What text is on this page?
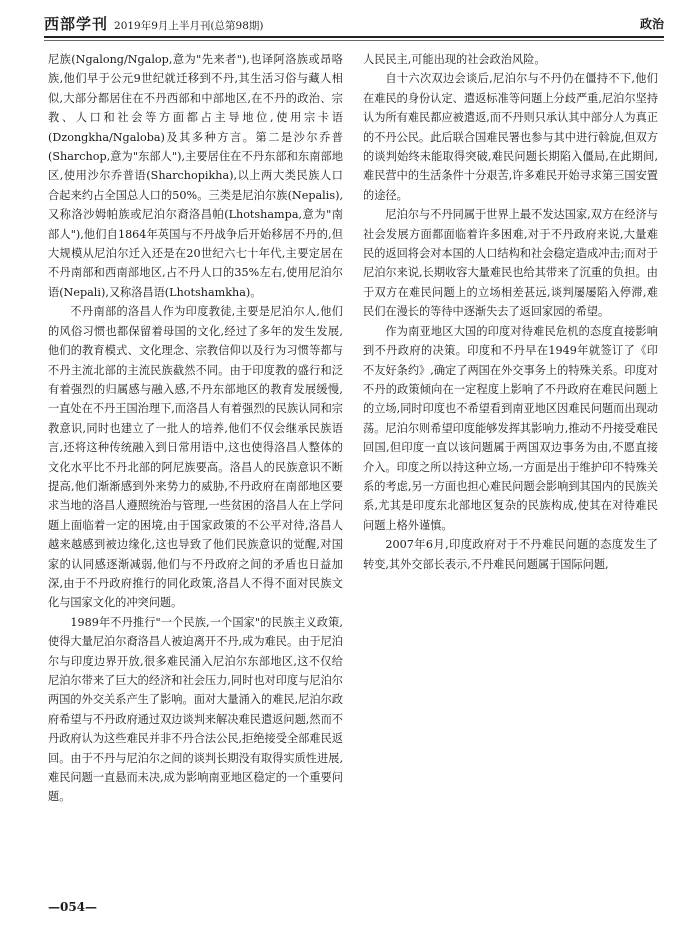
西部学刊 2019年9月上半月刊(总第98期)	政治

尼族(Ngalong/Ngalop,意为"先来者"),也译阿洛族或昂咯族,他们早于公元9世纪就迁移到不丹,其生活习俗与藏人相似,大部分都居住在不丹西部和中部地区,在不丹的政治、宗教、人口和社会等方面都占主导地位,使用宗卡语(Dzongkha/Ngaloba)及其多种方言。第二是沙尔乔普(Sharchop,意为"东部人"),主要居住在不丹东部和东南部地区,使用沙尔乔普语(Sharchopikha),以上两大类民族人口合起来约占全国总人口的50%。三类是尼泊尔族(Nepalis),又称洛沙姆帕族或尼泊尔裔洛昌帕(Lhotshampa,意为"南部人"),他们自1864年英国与不丹战争后开始移居不丹的,但大规模从尼泊尔迁入还是在20世纪六七十年代,主要定居在不丹南部和西南部地区,占不丹人口的35%左右,使用尼泊尔语(Nepali),又称洛昌语(Lhotshamkha)。

不丹南部的洛昌人作为印度教徒,主要是尼泊尔人,他们的风俗习惯也都保留着母国的文化,经过了多年的发生发展,他们的教育模式、文化理念、宗教信仰以及行为习惯等都与不丹主流北部的主流民族截然不同。由于印度教的盛行和泛有着强烈的归属感与融入感,不丹东部地区的教育发展缓慢,一直处在不丹王国治理下,而洛昌人有着强烈的民族认同和宗教意识,同时也建立了一批人的培养,他们不仅会继承民族语言,还将这种传统融入到日常用语中,这也使得洛昌人整体的文化水平比不丹北部的阿尼族要高。洛昌人的民族意识不断提高,他们渐渐感到外来势力的威胁,不丹政府在南部地区要求当地的洛昌人遵照统治与管理,一些贫困的洛昌人在上学问题上面临着一定的困境,由于国家政策的不公平对待,洛昌人越来越感到被边缘化,这也导致了他们民族意识的觉醒,对国家的认同感逐渐减弱,他们与不丹政府之间的矛盾也日益加深,由于不丹政府推行的同化政策,洛昌人不得不面对民族文化与国家文化的冲突问题。

1989年不丹推行"一个民族,一个国家"的民族主义政策,使得大量尼泊尔裔洛昌人被迫离开不丹,成为难民。由于尼泊尔与印度边界开放,很多难民涌入尼泊尔东部地区,这不仅给尼泊尔带来了巨大的经济和社会压力,同时也对印度与尼泊尔两国的外交关系产生了影响。面对大量涌入的难民,尼泊尔政府希望与不丹政府通过双边谈判来解决难民遣返问题,然而不丹政府认为这些难民并非不丹合法公民,拒绝接受全部难民返回。由于不丹与尼泊尔之间的谈判长期没有取得实质性进展,难民问题一直悬而未决,成为影响南亚地区稳定的一个重要问题。

人民民主,可能出现的社会政治风险。

自十六次双边会谈后,尼泊尔与不丹仍在僵持不下,他们在难民的身份认定、遣返标准等问题上分歧严重,尼泊尔坚持认为所有难民都应被遣返,而不丹则只承认其中部分人为真正的不丹公民。此后联合国难民署也参与其中进行斡旋,但双方的谈判始终未能取得突破,难民问题长期陷入僵局,在此期间,难民营中的生活条件十分艰苦,许多难民开始寻求第三国安置的途径。

尼泊尔与不丹同属于世界上最不发达国家,双方在经济与社会发展方面都面临着许多困难,对于不丹政府来说,大量难民的返回将会对本国的人口结构和社会稳定造成冲击;而对于尼泊尔来说,长期收容大量难民也给其带来了沉重的负担。由于双方在难民问题上的立场相差甚远,谈判屡屡陷入停滞,难民们在漫长的等待中逐渐失去了返回家园的希望。

作为南亚地区大国的印度对待难民危机的态度直接影响到不丹政府的决策。印度和不丹早在1949年就签订了《印不友好条约》,确定了两国在外交事务上的特殊关系。印度对不丹的政策倾向在一定程度上影响了不丹政府在难民问题上的立场,同时印度也不希望看到南亚地区因难民问题而出现动荡。尼泊尔则希望印度能够发挥其影响力,推动不丹接受难民回国,但印度一直以该问题属于两国双边事务为由,不愿直接介入。印度之所以持这种立场,一方面是出于维护印不特殊关系的考虑,另一方面也担心难民问题会影响到其国内的民族关系,尤其是印度东北部地区复杂的民族构成,使其在对待难民问题上格外谨慎。

2007年6月,印度政府对于不丹难民问题的态度发生了转变,其外交部长表示,不丹难民问题属于国际问题,

—054—
